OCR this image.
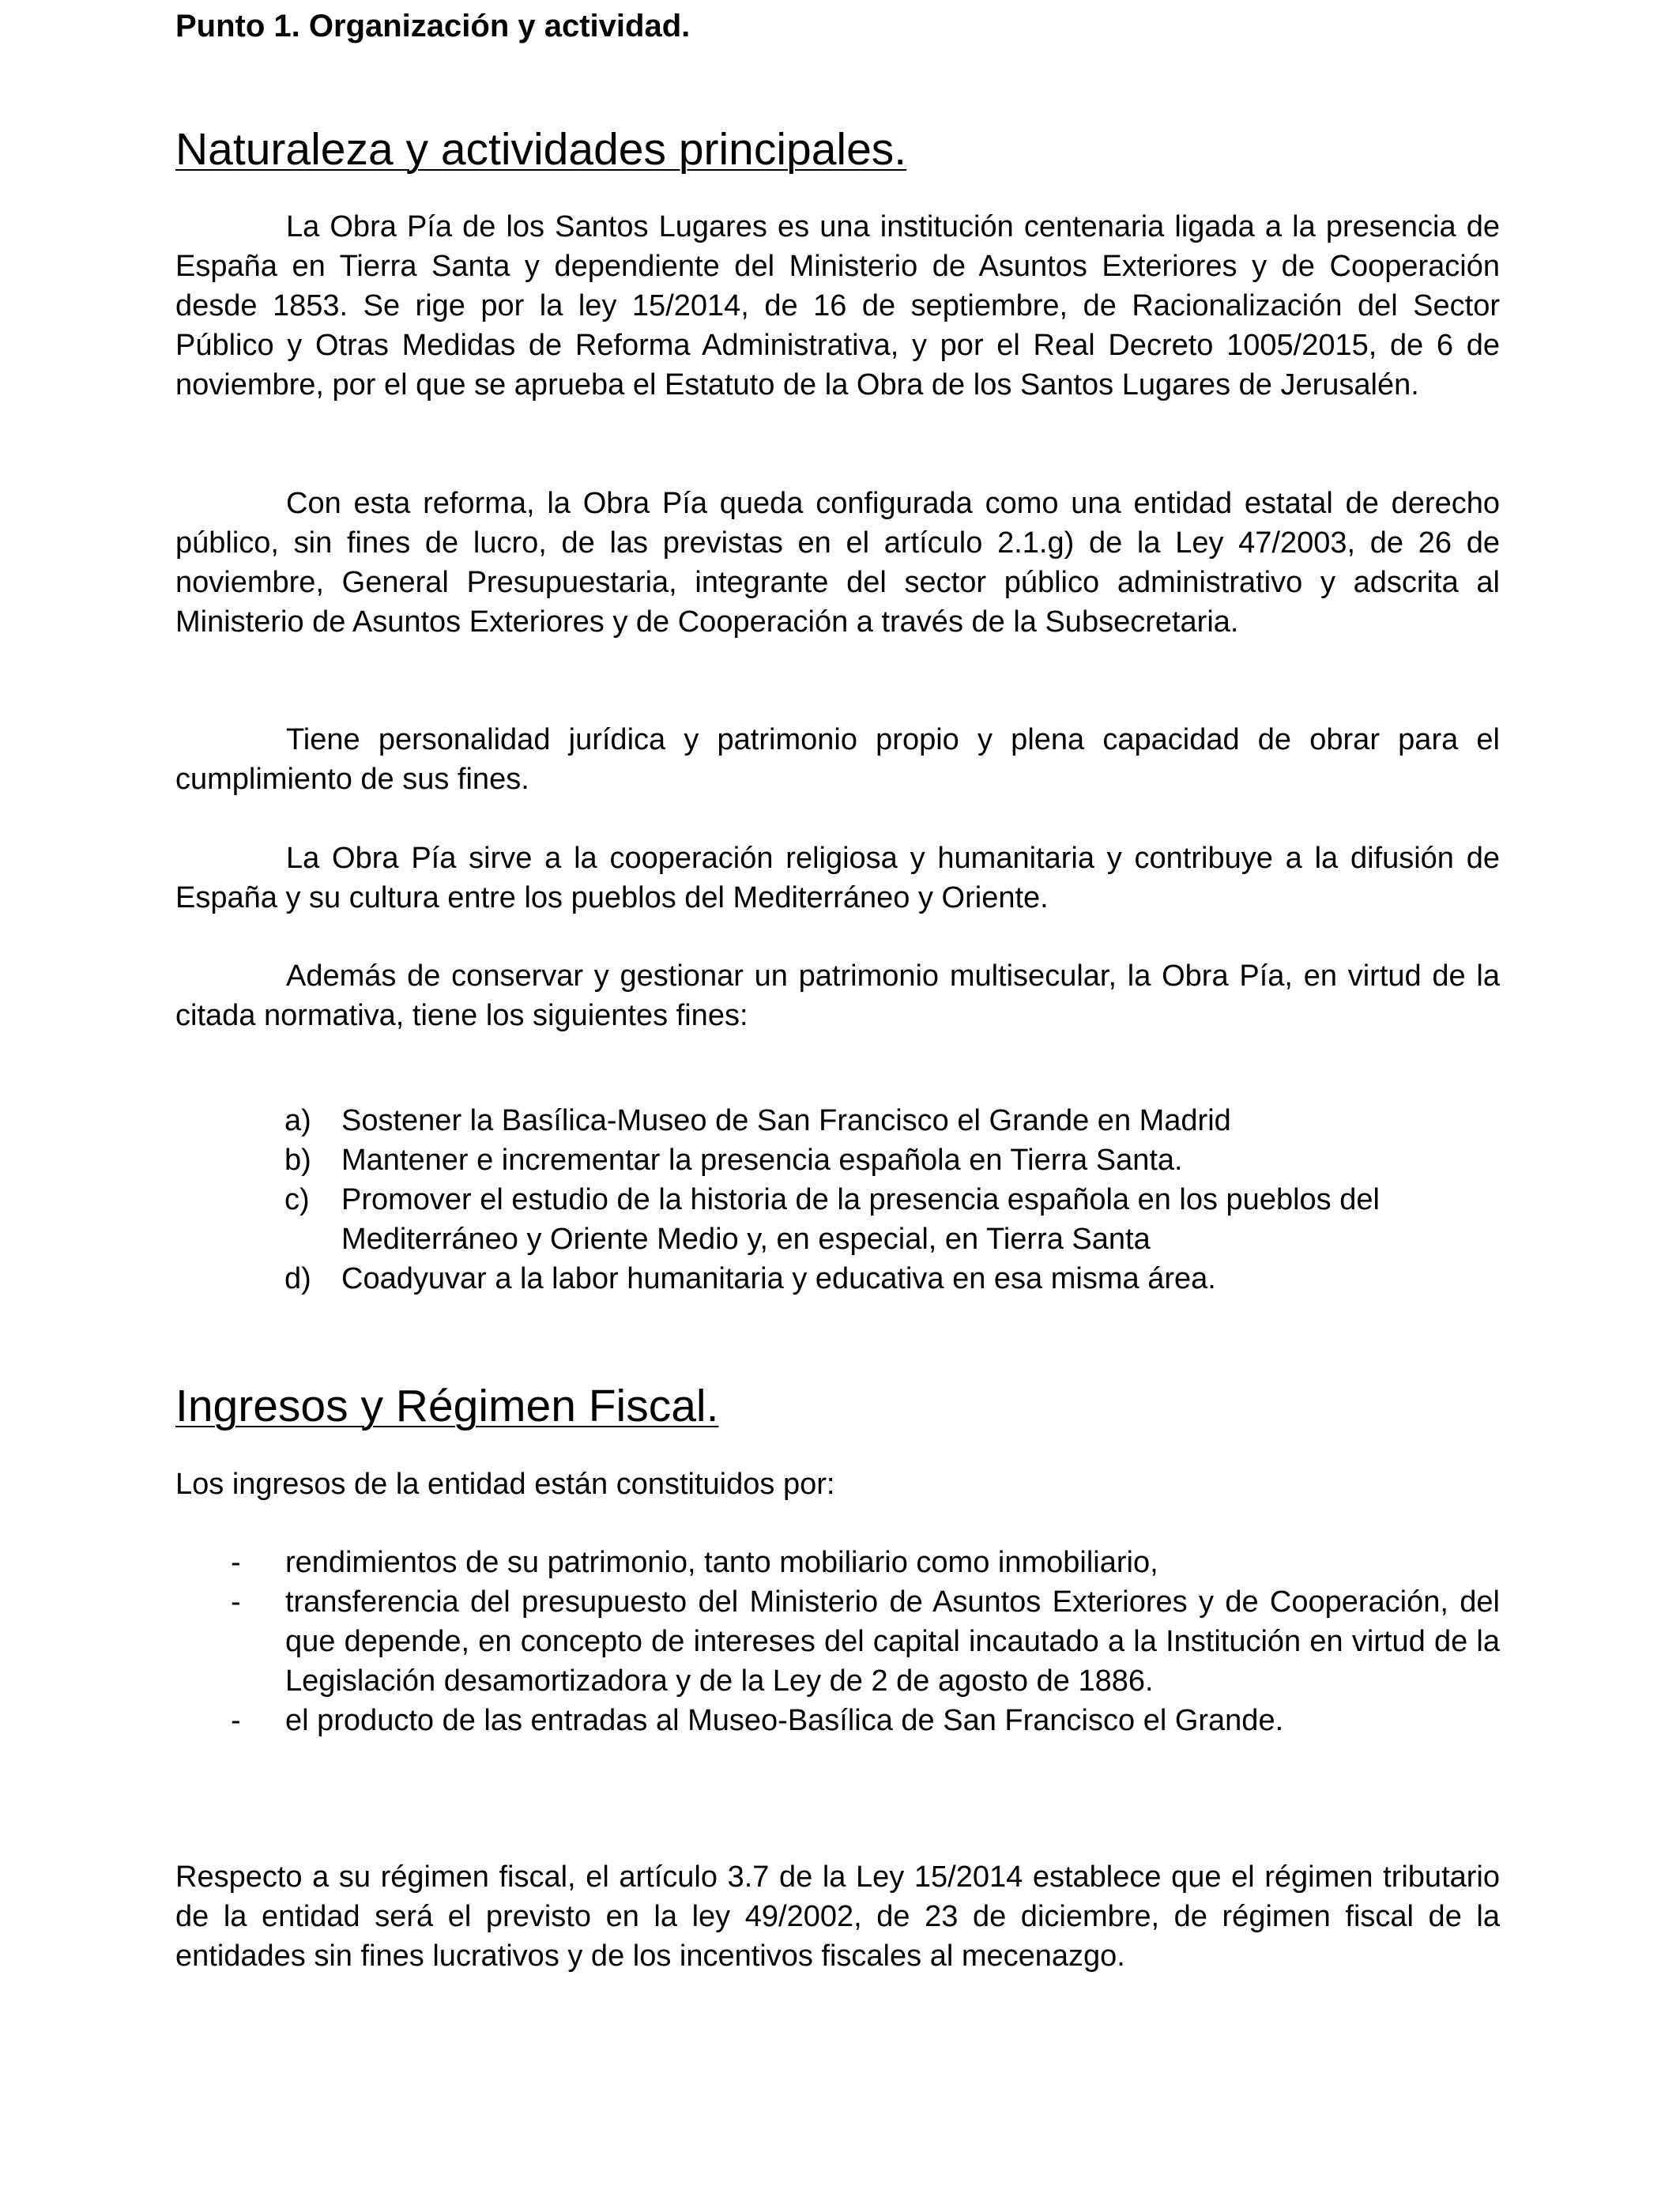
Punto 1. Organización y actividad.
Naturaleza y actividades principales.

La Obra Pía de los Santos Lugares es una institución centenaria ligada a la presencia de España en Tierra Santa y dependiente del Ministerio de Asuntos Exteriores y de Cooperación desde 1853. Se rige por la ley 15/2014, de 16 de septiembre, de Racionalización del Sector Público y Otras Medidas de Reforma Administrativa, y por el Real Decreto 1005/2015, de 6 de noviembre, por el que se aprueba el Estatuto de la Obra de los Santos Lugares de Jerusalén.

Con esta reforma, la Obra Pía queda configurada como una entidad estatal de derecho público, sin fines de lucro, de las previstas en el artículo 2.1.g) de la Ley 47/2003, de 26 de noviembre, General Presupuestaria, integrante del sector público administrativo y adscrita al Ministerio de Asuntos Exteriores y de Cooperación a través de la Subsecretaria.

Tiene personalidad jurídica y patrimonio propio y plena capacidad de obrar para el cumplimiento de sus fines.

La Obra Pía sirve a la cooperación religiosa y humanitaria y contribuye a la difusión de España y su cultura entre los pueblos del Mediterráneo y Oriente.

Además de conservar y gestionar un patrimonio multisecular, la Obra Pía, en virtud de la citada normativa, tiene los siguientes fines:

a) Sostener la Basílica-Museo de San Francisco el Grande en Madrid
b) Mantener e incrementar la presencia española en Tierra Santa.
c) Promover el estudio de la historia de la presencia española en los pueblos del Mediterráneo y Oriente Medio y, en especial, en Tierra Santa
d) Coadyuvar a la labor humanitaria y educativa en esa misma área.
Ingresos y Régimen Fiscal.

Los ingresos de la entidad están constituidos por:

- rendimientos de su patrimonio, tanto mobiliario como inmobiliario,
- transferencia del presupuesto del Ministerio de Asuntos Exteriores y de Cooperación, del que depende, en concepto de intereses del capital incautado a la Institución en virtud de la Legislación desamortizadora y de la Ley de 2 de agosto de 1886.
- el producto de las entradas al Museo-Basílica de San Francisco el Grande.

Respecto a su régimen fiscal, el artículo 3.7 de la Ley 15/2014 establece que el régimen tributario de la entidad será el previsto en la ley 49/2002, de 23 de diciembre, de régimen fiscal de la entidades sin fines lucrativos y de los incentivos fiscales al mecenazgo.
